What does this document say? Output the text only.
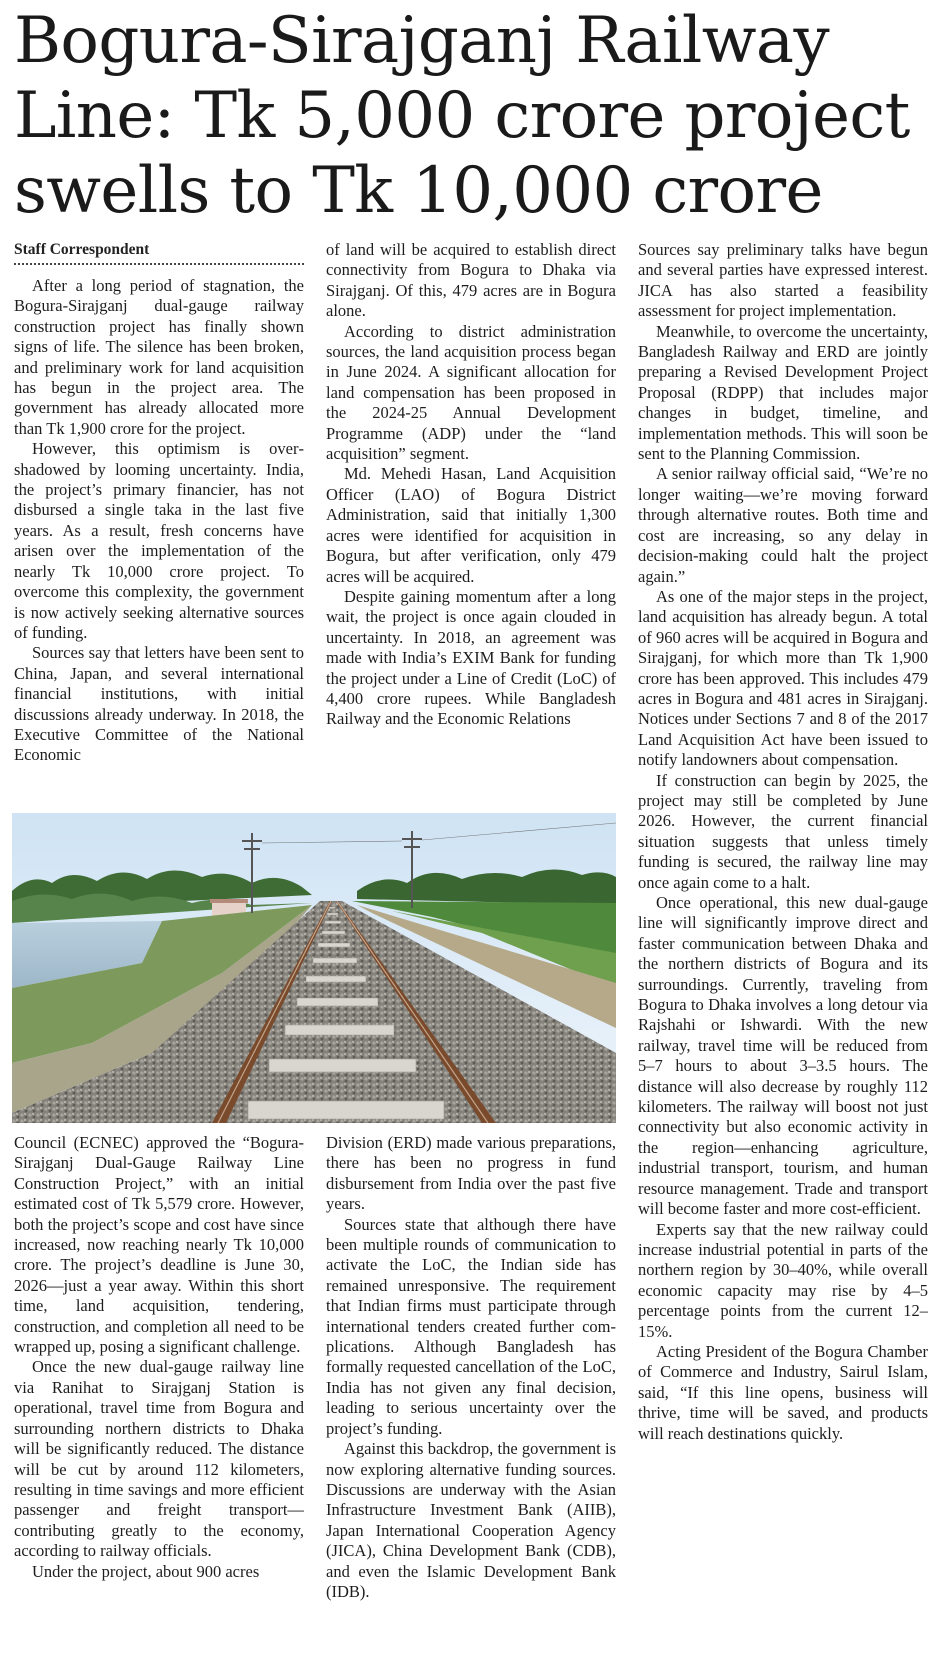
Bogura-Sirajganj Railway
Line: Tk 5,000 crore project
swells to Tk 10,000 crore
Staff Correspondent

After a long period of stagnation, the Bogura-Sirajganj dual-gauge railway construction project has finally shown signs of life. The silence has been broken, and preliminary work for land acquisition has begun in the project area. The government has already allocated more than Tk 1,900 crore for the project.

However, this optimism is overshadowed by looming uncertainty. India, the project’s primary financier, has not disbursed a single taka in the last five years. As a result, fresh concerns have arisen over the implementation of the nearly Tk 10,000 crore project. To overcome this complexity, the government is now actively seeking alternative sources of funding.

Sources say that letters have been sent to China, Japan, and several international financial institutions, with initial discussions already underway. In 2018, the Executive Committee of the National Economic

of land will be acquired to establish direct connectivity from Bogura to Dhaka via Sirajganj. Of this, 479 acres are in Bogura alone.

According to district administration sources, the land acquisition process began in June 2024. A significant allocation for land compensation has been proposed in the 2024-25 Annual Development Programme (ADP) under the “land acquisition” segment.

Md. Mehedi Hasan, Land Acquisition Officer (LAO) of Bogura District Administration, said that initially 1,300 acres were identified for acquisition in Bogura, but after verification, only 479 acres will be acquired.

Despite gaining momentum after a long wait, the project is once again clouded in uncertainty. In 2018, an agreement was made with India’s EXIM Bank for funding the project under a Line of Credit (LoC) of 4,400 crore rupees. While Bangladesh Railway and the Economic Relations

Sources say preliminary talks have begun and several parties have expressed interest. JICA has also started a feasibility assessment for project implementation.

Meanwhile, to overcome the uncertainty, Bangladesh Railway and ERD are jointly preparing a Revised Development Project Proposal (RDPP) that includes major changes in budget, timeline, and implementation methods. This will soon be sent to the Planning Commission.

A senior railway official said, “We’re no longer waiting—we’re moving forward through alternative routes. Both time and cost are increasing, so any delay in decision-making could halt the project again.”

As one of the major steps in the project, land acquisition has already begun. A total of 960 acres will be acquired in Bogura and Sirajganj, for which more than Tk 1,900 crore has been approved. This includes 479 acres in Bogura and 481 acres in Sirajganj. Notices under Sections 7 and 8 of the 2017 Land Acquisition Act have been issued to notify landowners about compensation.

If construction can begin by 2025, the project may still be completed by June 2026. However, the current financial situation suggests that unless timely funding is secured, the railway line may once again come to a halt.

Once operational, this new dual-gauge line will significantly improve direct and faster communication between Dhaka and the northern districts of Bogura and its surroundings. Currently, traveling from Bogura to Dhaka involves a long detour via Rajshahi or Ishwardi. With the new railway, travel time will be reduced from 5–7 hours to about 3–3.5 hours. The distance will also decrease by roughly 112 kilometers. The railway will boost not just connectivity but also economic activity in the region—enhancing agriculture, industrial transport, tourism, and human resource management. Trade and transport will become faster and more cost-efficient.

Experts say that the new railway could increase industrial potential in parts of the northern region by 30–40%, while overall economic capacity may rise by 4–5 percentage points from the current 12–15%.

Acting President of the Bogura Chamber of Commerce and Industry, Sairul Islam, said, “If this line opens, business will thrive, time will be saved, and products will reach destinations quickly.

Council (ECNEC) approved the “Bogura-Sirajganj Dual-Gauge Railway Line Construction Project,” with an initial estimated cost of Tk 5,579 crore. However, both the project’s scope and cost have since increased, now reaching nearly Tk 10,000 crore. The project’s deadline is June 30, 2026—just a year away. Within this short time, land acquisition, tendering, construction, and completion all need to be wrapped up, posing a significant challenge.

Once the new dual-gauge railway line via Ranihat to Sirajganj Station is operational, travel time from Bogura and surrounding northern districts to Dhaka will be significantly reduced. The distance will be cut by around 112 kilometers, resulting in time savings and more efficient passenger and freight transport—contributing greatly to the economy, according to railway officials.

Under the project, about 900 acres

Division (ERD) made various preparations, there has been no progress in fund disbursement from India over the past five years.

Sources state that although there have been multiple rounds of communication to activate the LoC, the Indian side has remained unresponsive. The requirement that Indian firms must participate through international tenders created further complications. Although Bangladesh has formally requested cancellation of the LoC, India has not given any final decision, leading to serious uncertainty over the project’s funding.

Against this backdrop, the government is now exploring alternative funding sources. Discussions are underway with the Asian Infrastructure Investment Bank (AIIB), Japan International Cooperation Agency (JICA), China Development Bank (CDB), and even the Islamic Development Bank (IDB).
